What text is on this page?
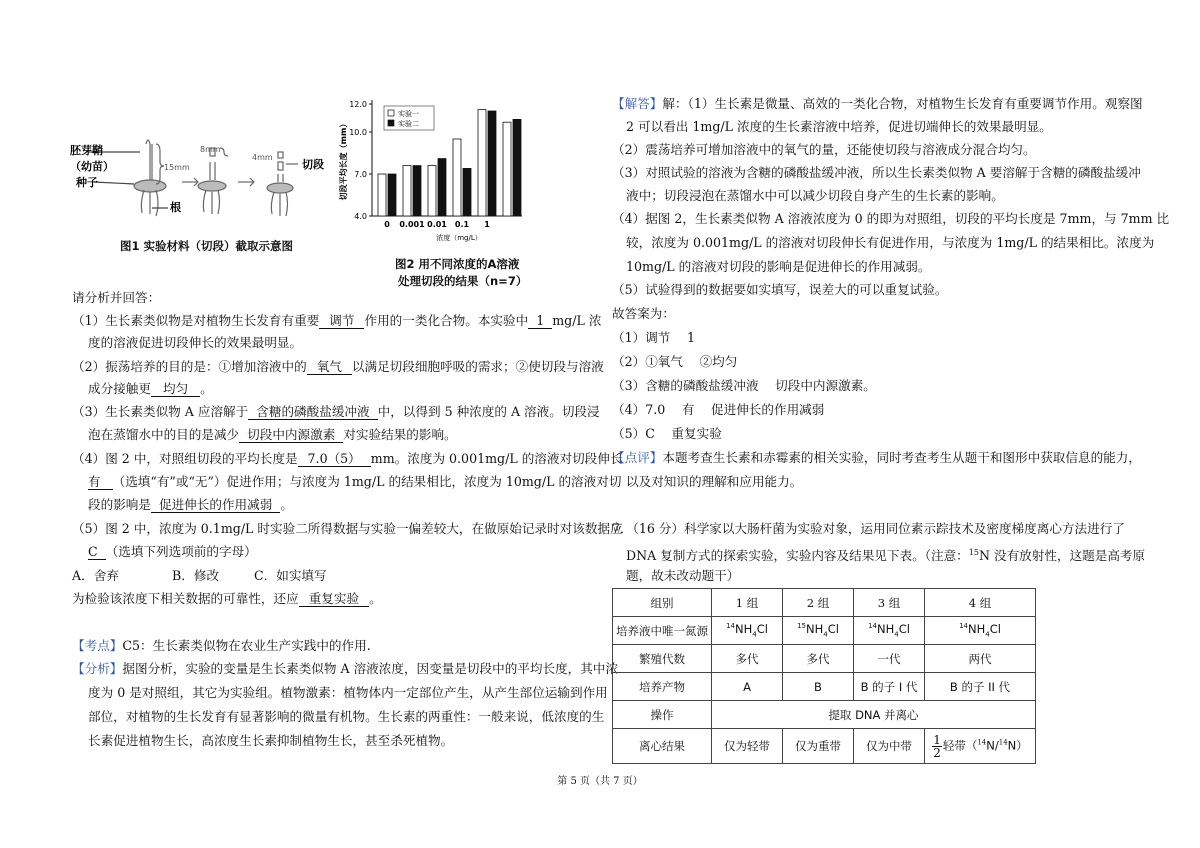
胚芽鞘
（幼苗）
种子
根
切段
15mm
8mm
4mm
图1 实验材料（切段）截取示意图
4.0
7.0
10.0
12.0
切段平均长度（mm）
0 0.001 0.01 0.1 1
浓度（mg/L）
实验一
实验二
图2 用不同浓度的A溶液
处理切段的结果（n=7）
请分析并回答：
（1）生长素类似物是对植物生长发育有重要 调节 作用的一类化合物。本实验中 1 mg/L 浓
度的溶液促进切段伸长的效果最明显。
（2）振荡培养的目的是：①增加溶液中的 氧气 以满足切段细胞呼吸的需求；②使切段与溶液
成分接触更 均匀 。
（3）生长素类似物 A 应溶解于 含糖的磷酸盐缓冲液 中，以得到 5 种浓度的 A 溶液。切段浸
泡在蒸馏水中的目的是减少 切段中内源激素 对实验结果的影响。
（4）图 2 中，对照组切段的平均长度是 7.0（5） mm。浓度为 0.001mg/L 的溶液对切段伸长
有 （选填“有”或“无”）促进作用；与浓度为 1mg/L 的结果相比，浓度为 10mg/L 的溶液对切
段的影响是 促进伸长的作用减弱 。
（5）图 2 中，浓度为 0.1mg/L 时实验二所得数据与实验一偏差较大，在做原始记录时对该数据应
C （选填下列选项前的字母）
A．舍弃	B．修改	C．如实填写
为检验该浓度下相关数据的可靠性，还应 重复实验 。
【考点】C5：生长素类似物在农业生产实践中的作用.
【分析】据图分析，实验的变量是生长素类似物 A 溶液浓度，因变量是切段中的平均长度，其中浓
度为 0 是对照组，其它为实验组。植物激素：植物体内一定部位产生，从产生部位运输到作用
部位，对植物的生长发育有显著影响的微量有机物。生长素的两重性：一般来说，低浓度的生
长素促进植物生长，高浓度生长素抑制植物生长，甚至杀死植物。
【解答】解：（1）生长素是微量、高效的一类化合物，对植物生长发育有重要调节作用。观察图
2 可以看出 1mg/L 浓度的生长素溶液中培养，促进切端伸长的效果最明显。
（2）震荡培养可增加溶液中的氧气的量，还能使切段与溶液成分混合均匀。
（3）对照试验的溶液为含糖的磷酸盐缓冲液，所以生长素类似物 A 要溶解于含糖的磷酸盐缓冲
液中；切段浸泡在蒸馏水中可以减少切段自身产生的生长素的影响。
（4）据图 2，生长素类似物 A 溶液浓度为 0 的即为对照组，切段的平均长度是 7mm，与 7mm 比
较，浓度为 0.001mg/L 的溶液对切段伸长有促进作用，与浓度为 1mg/L 的结果相比。浓度为
10mg/L 的溶液对切段的影响是促进伸长的作用减弱。
（5）试验得到的数据要如实填写，误差大的可以重复试验。
故答案为：
（1）调节　 1
（2）①氧气　 ②均匀
（3）含糖的磷酸盐缓冲液　 切段中内源激素。
（4）7.0　 有　 促进伸长的作用减弱
（5）C　 重复实验
【点评】本题考查生长素和赤霉素的相关实验，同时考查考生从题干和图形中获取信息的能力，
以及对知识的理解和应用能力。
7．（16 分）科学家以大肠杆菌为实验对象，运用同位素示踪技术及密度梯度离心方法进行了
DNA 复制方式的探索实验，实验内容及结果见下表。（注意：$^{15}$N 没有放射性，这题是高考原
题，故未改动题干）
组别	1 组	2 组	3 组	4 组
培养液中唯一氮源	$^{14}NH_4Cl$	$^{15}NH_4Cl$	$^{14}NH_4Cl$	$^{14}NH_4Cl$
繁殖代数	多代	多代	一代	两代
培养产物	A	B	B 的子 I 代	B 的子 II 代
操作	提取 DNA 并离心			
离心结果	仅为轻带	仅为重带	仅为中带	$\frac{1}{2}$ 轻带（$^{14}$N/$^{14}$N）
第 5 页（共 7 页）
